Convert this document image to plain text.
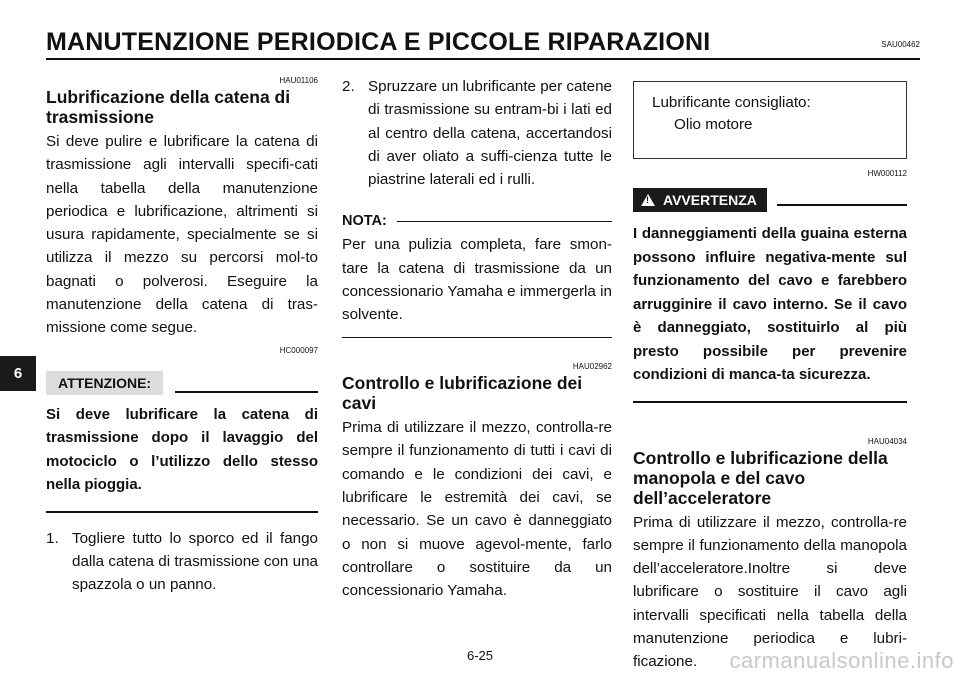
MANUTENZIONE PERIODICA E PICCOLE RIPARAZIONI	SAU00462
6
HAU01106
Lubrificazione della catena di trasmissione

Si deve pulire e lubrificare la catena di trasmissione agli intervalli specifi-cati nella tabella della manutenzione periodica e lubrificazione, altrimenti si usura rapidamente, specialmente se si utilizza il mezzo su percorsi mol-to bagnati o polverosi. Eseguire la manutenzione della catena di tras-missione come segue.

HC000097
ATTENZIONE:

Si deve lubrificare la catena di trasmissione dopo il lavaggio del motociclo o l’utilizzo dello stesso nella pioggia.

1. Togliere tutto lo sporco ed il fango dalla catena di trasmissione con una spazzola o un panno.
2. Spruzzare un lubrificante per catene di trasmissione su entram-bi i lati ed al centro della catena, accertandosi di aver oliato a suffi-cienza tutte le piastrine laterali ed i rulli.
NOTA:

Per una pulizia completa, fare smon-tare la catena di trasmissione da un concessionario Yamaha e immergerla in solvente.

HAU02962
Controllo e lubrificazione dei cavi

Prima di utilizzare il mezzo, controlla-re sempre il funzionamento di tutti i cavi di comando e le condizioni dei cavi, e lubrificare le estremità dei cavi, se necessario. Se un cavo è danneggiato o non si muove agevol-mente, farlo controllare o sostituire da un concessionario Yamaha.

Lubrificante consigliato:
Olio motore
HW000112
!
AVVERTENZA

I danneggiamenti della guaina esterna possono influire negativa-mente sul funzionamento del cavo e farebbero arrugginire il cavo interno. Se il cavo è danneggiato, sostituirlo al più presto possibile per prevenire condizioni di manca-ta sicurezza.

HAU04034
Controllo e lubrificazione della manopola e del cavo dell’acceleratore

Prima di utilizzare il mezzo, controlla-re sempre il funzionamento della manopola dell’acceleratore.Inoltre si deve lubrificare o sostituire il cavo agli intervalli specificati nella tabella della manutenzione periodica e lubri-ficazione.

6-25	carmanualsonline.info
